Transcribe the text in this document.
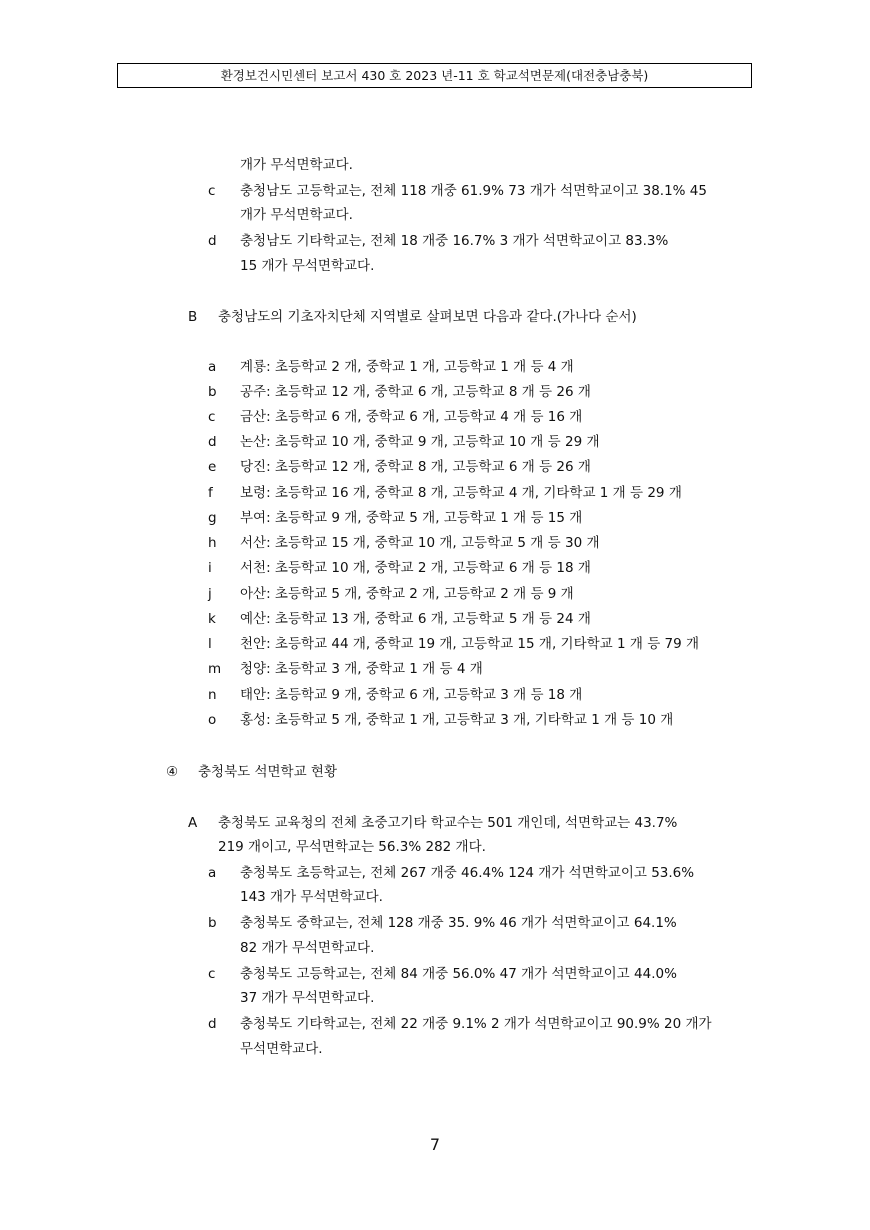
환경보건시민센터 보고서 430 호 2023 년-11 호 학교석면문제(대전충남충북)
개가 무석면학교다.
c 충청남도 고등학교는, 전체 118 개중 61.9% 73 개가 석면학교이고 38.1% 45
개가 무석면학교다.
d 충청남도 기타학교는, 전체 18 개중 16.7% 3 개가 석면학교이고 83.3%
15 개가 무석면학교다.
B 충청남도의 기초자치단체 지역별로 살펴보면 다음과 같다.(가나다 순서)
a 계룡: 초등학교 2 개, 중학교 1 개, 고등학교 1 개 등 4 개
b 공주: 초등학교 12 개, 중학교 6 개, 고등학교 8 개 등 26 개
c 금산: 초등학교 6 개, 중학교 6 개, 고등학교 4 개 등 16 개
d 논산: 초등학교 10 개, 중학교 9 개, 고등학교 10 개 등 29 개
e 당진: 초등학교 12 개, 중학교 8 개, 고등학교 6 개 등 26 개
f 보령: 초등학교 16 개, 중학교 8 개, 고등학교 4 개, 기타학교 1 개 등 29 개
g 부여: 초등학교 9 개, 중학교 5 개, 고등학교 1 개 등 15 개
h 서산: 초등학교 15 개, 중학교 10 개, 고등학교 5 개 등 30 개
i 서천: 초등학교 10 개, 중학교 2 개, 고등학교 6 개 등 18 개
j 아산: 초등학교 5 개, 중학교 2 개, 고등학교 2 개 등 9 개
k 예산: 초등학교 13 개, 중학교 6 개, 고등학교 5 개 등 24 개
l 천안: 초등학교 44 개, 중학교 19 개, 고등학교 15 개, 기타학교 1 개 등 79 개
m 청양: 초등학교 3 개, 중학교 1 개 등 4 개
n 태안: 초등학교 9 개, 중학교 6 개, 고등학교 3 개 등 18 개
o 홍성: 초등학교 5 개, 중학교 1 개, 고등학교 3 개, 기타학교 1 개 등 10 개
④ 충청북도 석면학교 현황
A 충청북도 교육청의 전체 초중고기타 학교수는 501 개인데, 석면학교는 43.7%
219 개이고, 무석면학교는 56.3% 282 개다.
a 충청북도 초등학교는, 전체 267 개중 46.4% 124 개가 석면학교이고 53.6%
143 개가 무석면학교다.
b 충청북도 중학교는, 전체 128 개중 35. 9% 46 개가 석면학교이고 64.1%
82 개가 무석면학교다.
c 충청북도 고등학교는, 전체 84 개중 56.0% 47 개가 석면학교이고 44.0%
37 개가 무석면학교다.
d 충청북도 기타학교는, 전체 22 개중 9.1% 2 개가 석면학교이고 90.9% 20 개가
무석면학교다.
7
